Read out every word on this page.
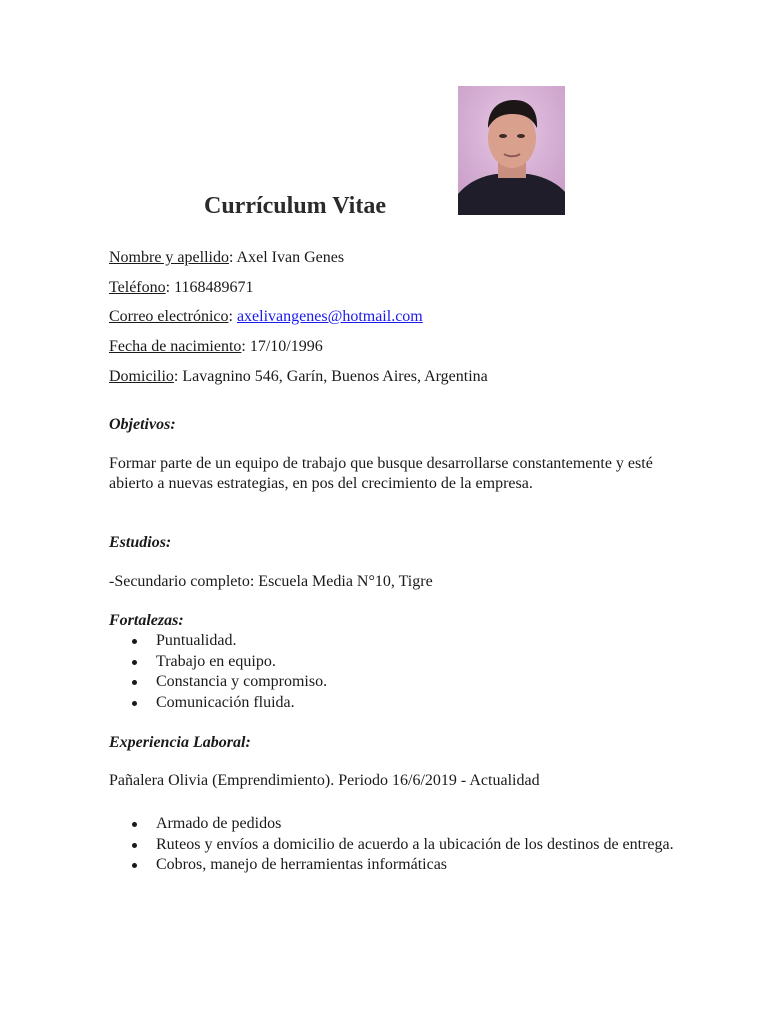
Currículum Vitae

Nombre y apellido: Axel Ivan Genes

Teléfono: 1168489671

Correo electrónico: axelivangenes@hotmail.com

Fecha de nacimiento: 17/10/1996

Domicilio: Lavagnino 546, Garín, Buenos Aires, Argentina

Objetivos:

Formar parte de un equipo de trabajo que busque desarrollarse constantemente y esté abierto a nuevas estrategias, en pos del crecimiento de la empresa.

Estudios:

-Secundario completo: Escuela Media N°10, Tigre

Fortalezas:
Puntualidad.
Trabajo en equipo.
Constancia y compromiso.
Comunicación fluida.
Experiencia Laboral:

Pañalera Olivia (Emprendimiento). Periodo 16/6/2019 - Actualidad

Armado de pedidos
Ruteos y envíos a domicilio de acuerdo a la ubicación de los destinos de entrega.
Cobros, manejo de herramientas informáticas
